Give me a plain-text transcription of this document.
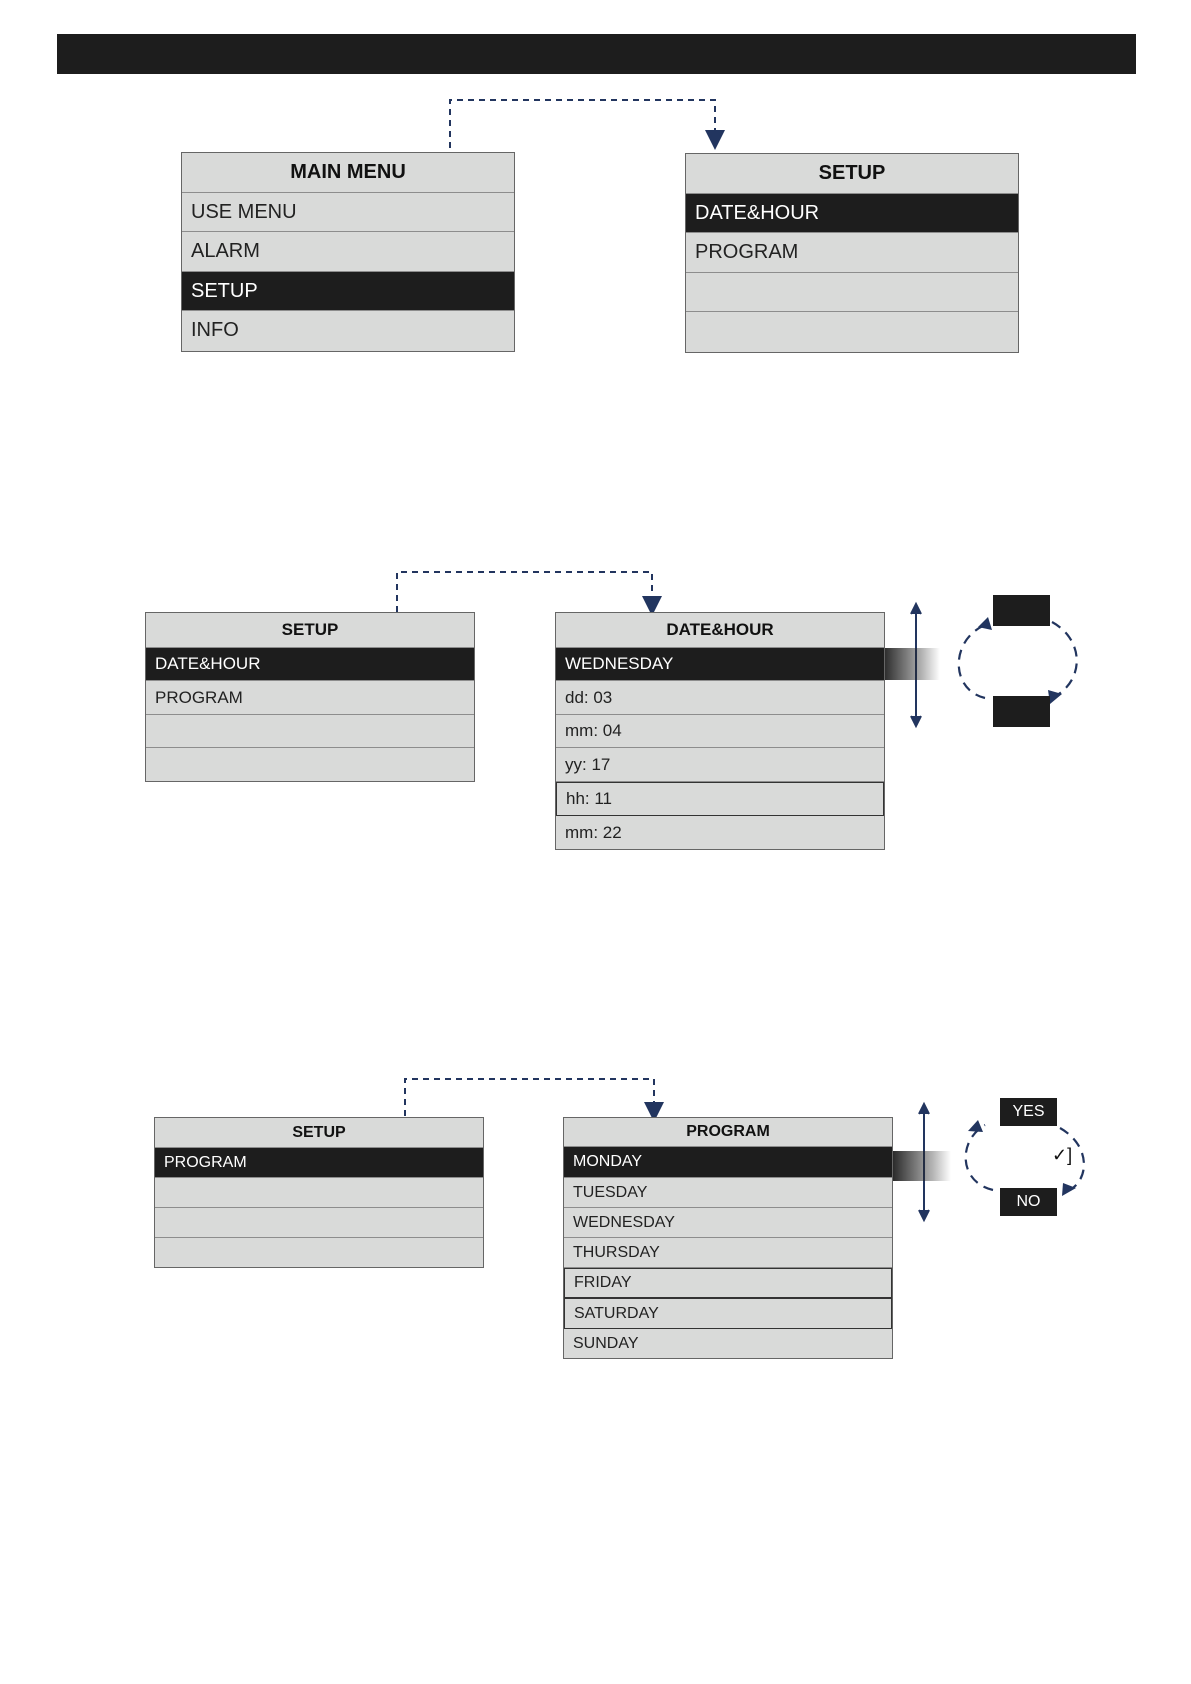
MAIN MENU
USE MENU
ALARM
SETUP
INFO
SETUP
DATE&HOUR
PROGRAM
SETUP
DATE&HOUR
PROGRAM
DATE&HOUR
WEDNESDAY
dd: 03
mm: 04
yy: 17
hh: 11
mm: 22
SETUP
PROGRAM
PROGRAM
MONDAY
TUESDAY
WEDNESDAY
THURSDAY
FRIDAY
SATURDAY
SUNDAY
YES
NO
✓]
